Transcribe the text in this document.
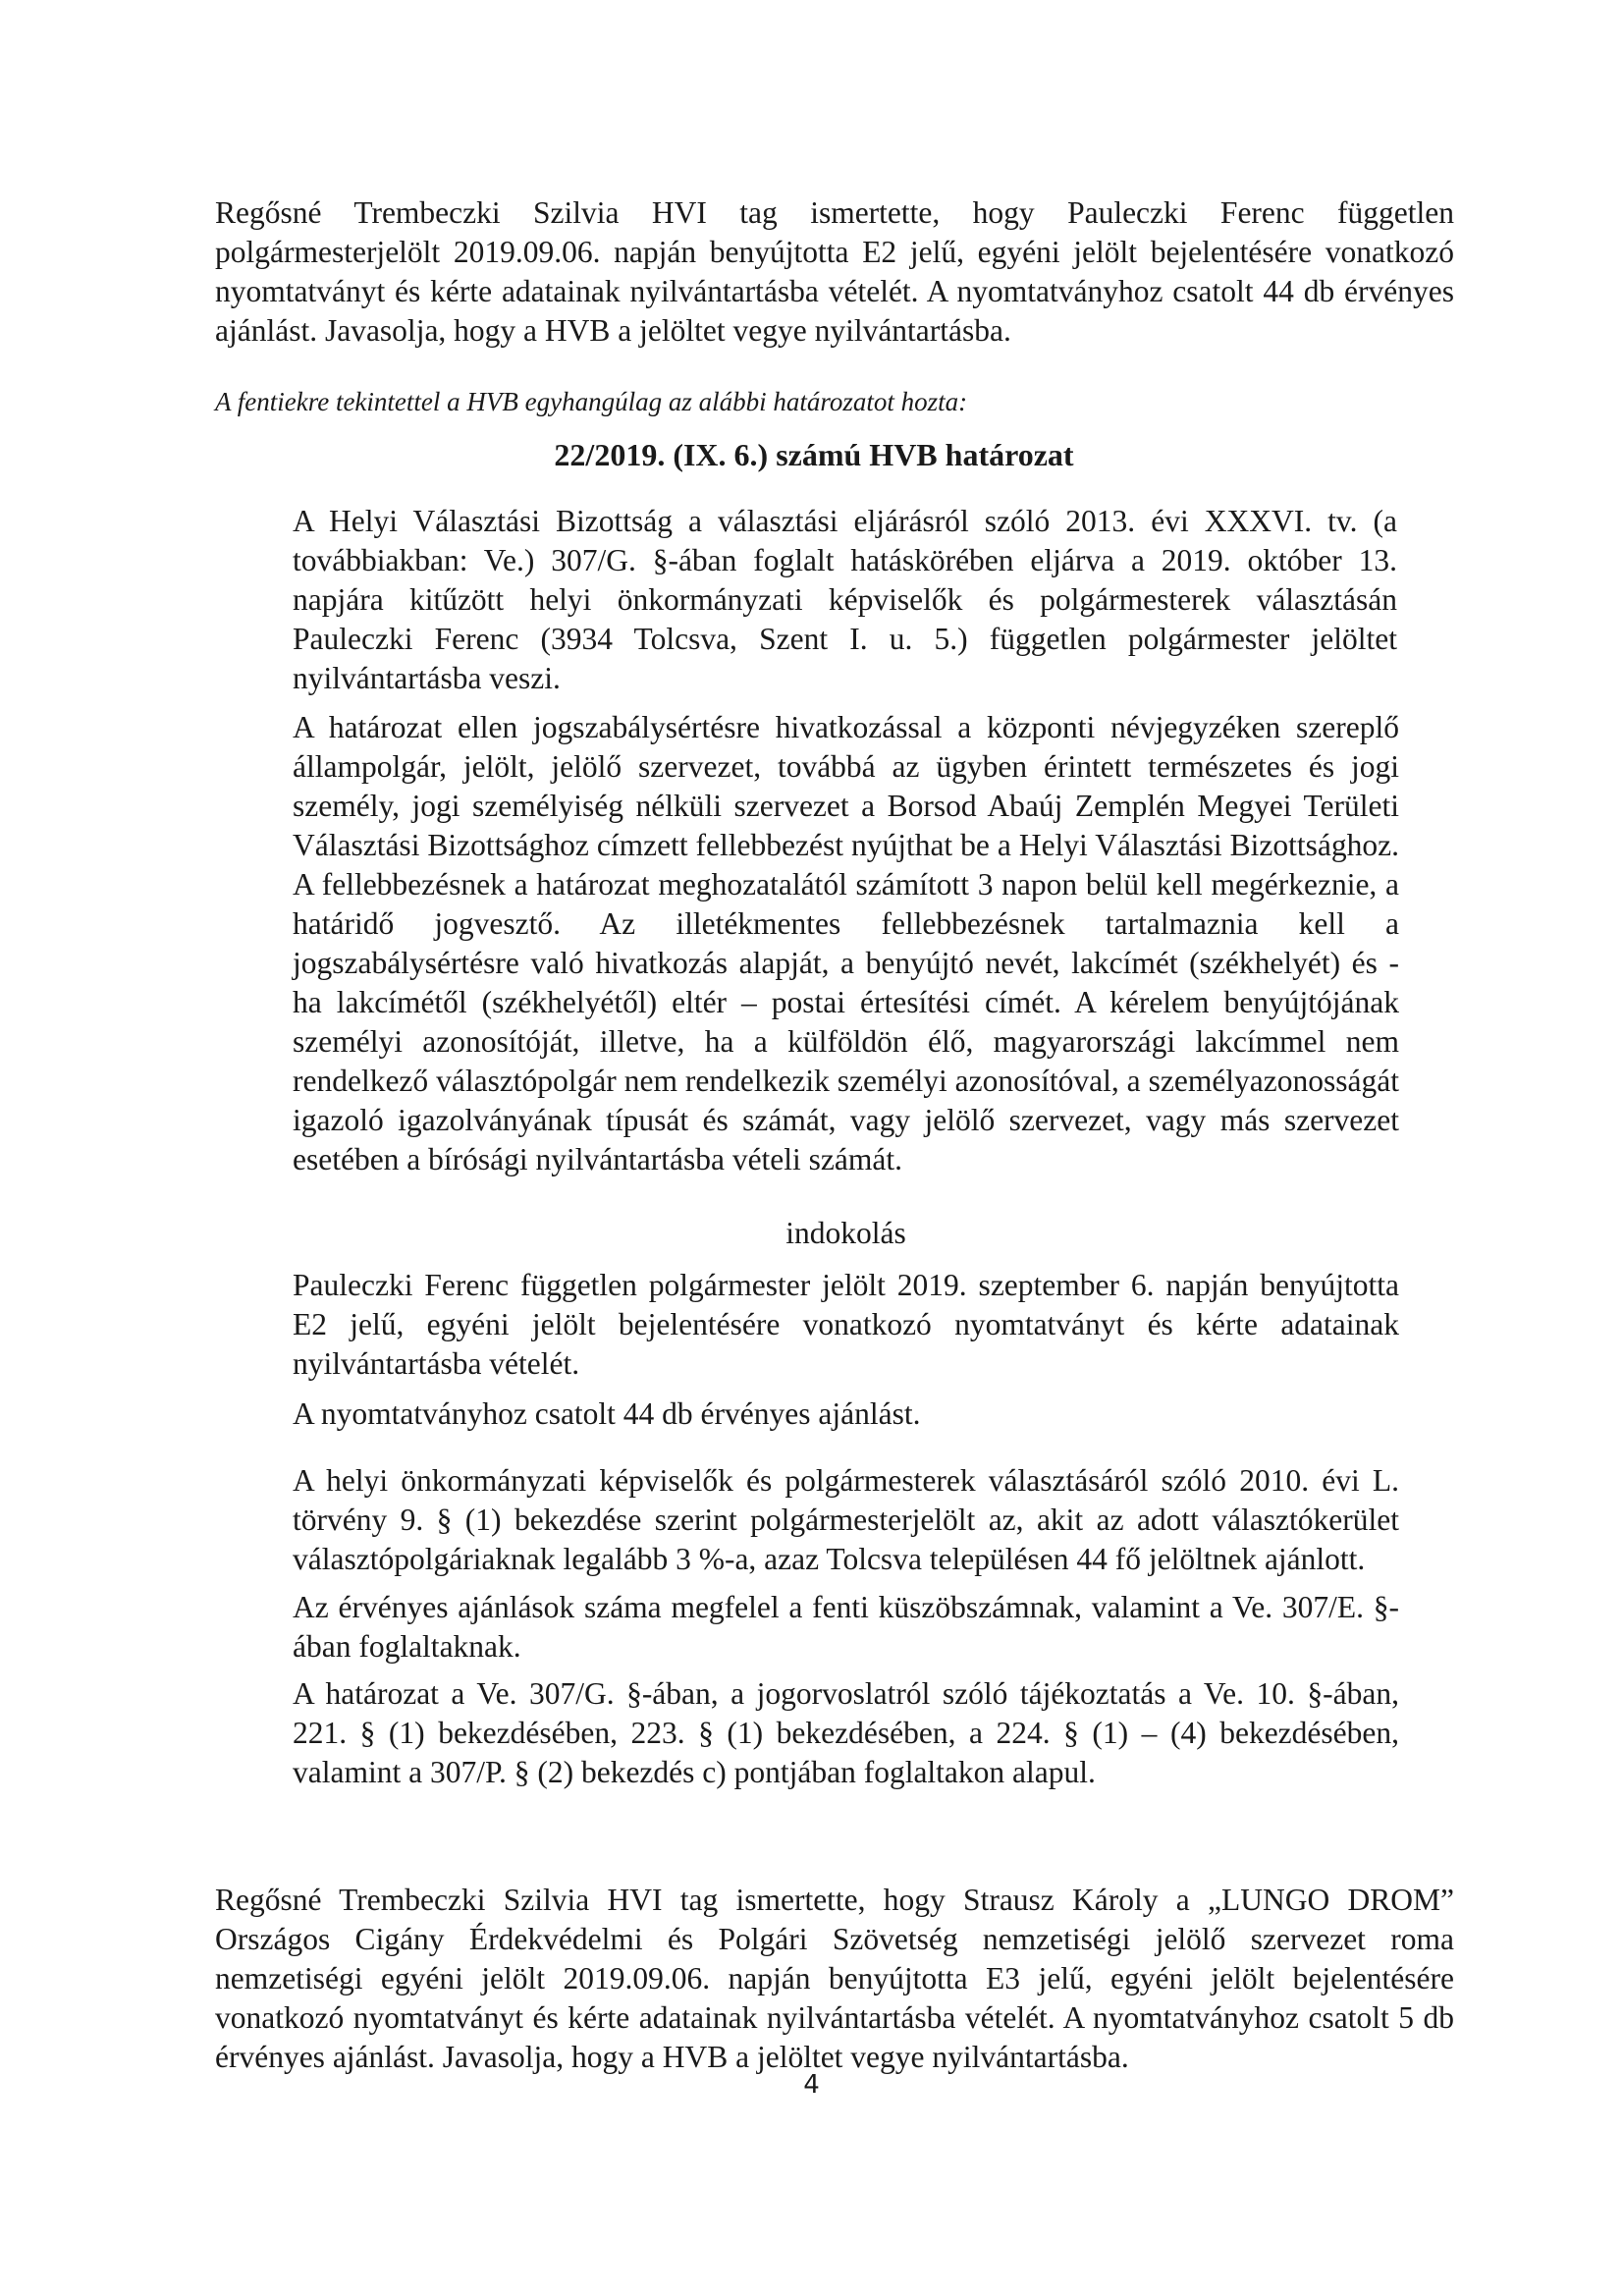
Regősné Trembeczki Szilvia HVI tag ismertette, hogy Pauleczki Ferenc független polgármesterjelölt 2019.09.06. napján benyújtotta E2 jelű, egyéni jelölt bejelentésére vonatkozó nyomtatványt és kérte adatainak nyilvántartásba vételét. A nyomtatványhoz csatolt 44 db érvényes ajánlást. Javasolja, hogy a HVB a jelöltet vegye nyilvántartásba.

A fentiekre tekintettel a HVB egyhangúlag az alábbi határozatot hozta:

22/2019. (IX. 6.) számú HVB határozat

A Helyi Választási Bizottság a választási eljárásról szóló 2013. évi XXXVI. tv. (a továbbiakban: Ve.) 307/G. §-ában foglalt hatáskörében eljárva a 2019. október 13. napjára kitűzött helyi önkormányzati képviselők és polgármesterek választásán Pauleczki Ferenc (3934 Tolcsva, Szent I. u. 5.) független polgármester jelöltet nyilvántartásba veszi.

A határozat ellen jogszabálysértésre hivatkozással a központi névjegyzéken szereplő állampolgár, jelölt, jelölő szervezet, továbbá az ügyben érintett természetes és jogi személy, jogi személyiség nélküli szervezet a Borsod Abaúj Zemplén Megyei Területi Választási Bizottsághoz címzett fellebbezést nyújthat be a Helyi Választási Bizottsághoz. A fellebbezésnek a határozat meghozatalától számított 3 napon belül kell megérkeznie, a határidő jogvesztő. Az illetékmentes fellebbezésnek tartalmaznia kell a jogszabálysértésre való hivatkozás alapját, a benyújtó nevét, lakcímét (székhelyét) és - ha lakcímétől (székhelyétől) eltér – postai értesítési címét. A kérelem benyújtójának személyi azonosítóját, illetve, ha a külföldön élő, magyarországi lakcímmel nem rendelkező választópolgár nem rendelkezik személyi azonosítóval, a személyazonosságát igazoló igazolványának típusát és számát, vagy jelölő szervezet, vagy más szervezet esetében a bírósági nyilvántartásba vételi számát.

indokolás

Pauleczki Ferenc független polgármester jelölt 2019. szeptember 6. napján benyújtotta E2 jelű, egyéni jelölt bejelentésére vonatkozó nyomtatványt és kérte adatainak nyilvántartásba vételét.

A nyomtatványhoz csatolt 44 db érvényes ajánlást.

A helyi önkormányzati képviselők és polgármesterek választásáról szóló 2010. évi L. törvény 9. § (1) bekezdése szerint polgármesterjelölt az, akit az adott választókerület választópolgáriaknak legalább 3 %-a, azaz Tolcsva településen 44 fő jelöltnek ajánlott.

Az érvényes ajánlások száma megfelel a fenti küszöbszámnak, valamint a Ve. 307/E. §-ában foglaltaknak.

A határozat a Ve. 307/G. §-ában, a jogorvoslatról szóló tájékoztatás a Ve. 10. §-ában, 221. § (1) bekezdésében, 223. § (1) bekezdésében, a 224. § (1) – (4) bekezdésében, valamint a 307/P. § (2) bekezdés c) pontjában foglaltakon alapul.

Regősné Trembeczki Szilvia HVI tag ismertette, hogy Strausz Károly a „LUNGO DROM” Országos Cigány Érdekvédelmi és Polgári Szövetség nemzetiségi jelölő szervezet roma nemzetiségi egyéni jelölt 2019.09.06. napján benyújtotta E3 jelű, egyéni jelölt bejelentésére vonatkozó nyomtatványt és kérte adatainak nyilvántartásba vételét. A nyomtatványhoz csatolt 5 db érvényes ajánlást. Javasolja, hogy a HVB a jelöltet vegye nyilvántartásba.

4
